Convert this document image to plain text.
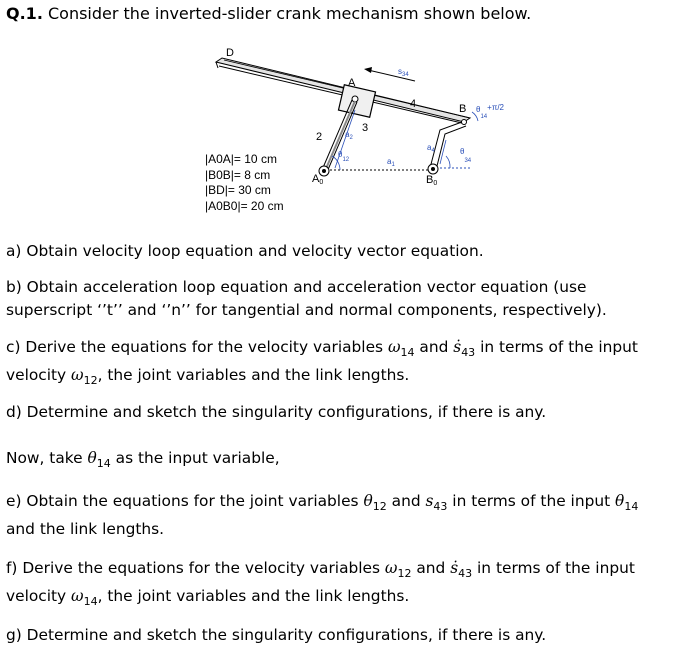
Q.1. Consider the inverted-slider crank mechanism shown below.
D
A
$s_{34}$
4
3
2	$a_2$
$\theta_{12}$	$a_1$
$a_4$	$\theta_{34}$
B $\theta_{14}+\pi/2$
A0	B0
|A0A|= 10 cm
|B0B|= 8 cm
|BD|= 30 cm
|A0B0|= 20 cm
a) Obtain velocity loop equation and velocity vector equation.
b) Obtain acceleration loop equation and acceleration vector equation (use
superscript ‘’t’’ and ‘’n’’ for tangential and normal components, respectively).
c) Derive the equations for the velocity variables $\omega_{14}$ and ṡ$_{43}$ in terms of the input
velocity $\omega_{12}$, the joint variables and the link lengths.
d) Determine and sketch the singularity configurations, if there is any.
Now, take $\theta_{14}$ as the input variable,
e) Obtain the equations for the joint variables $\theta_{12}$ and $s_{43}$ in terms of the input $\theta_{14}$
and the link lengths.
f) Derive the equations for the velocity variables $\omega_{12}$ and ṡ$_{43}$ in terms of the input
velocity $\omega_{14}$, the joint variables and the link lengths.
g) Determine and sketch the singularity configurations, if there is any.
